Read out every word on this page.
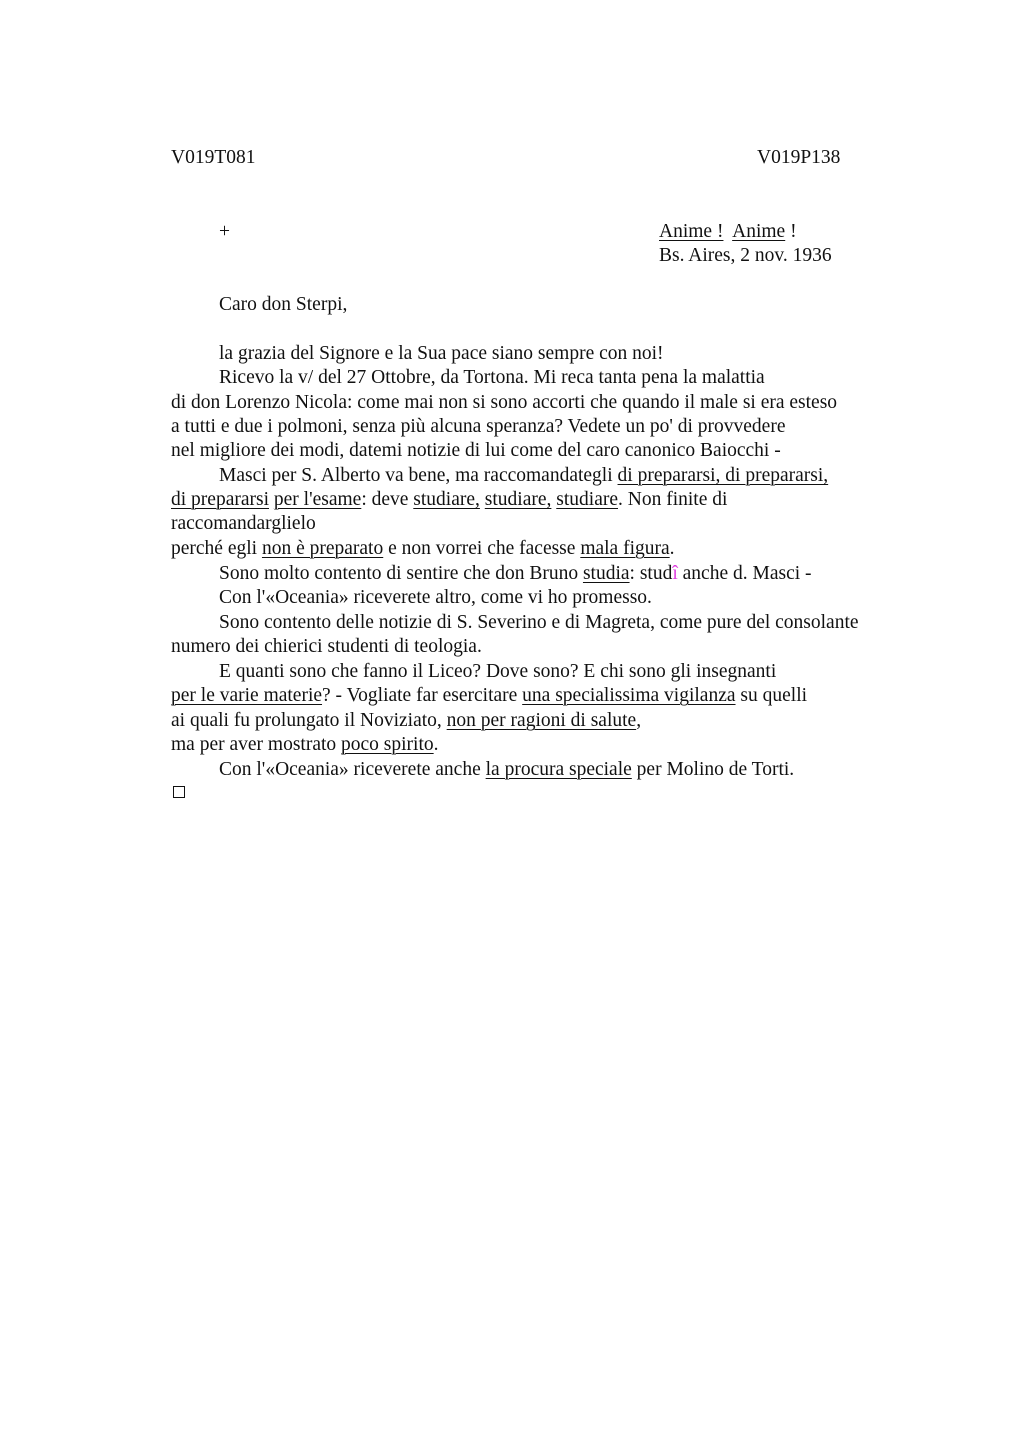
V019T081	V019P138
+	Anime ! Anime !
Bs. Aires, 2 nov. 1936
Caro don Sterpi,
la grazia del Signore e la Sua pace siano sempre con noi!
Ricevo la v/ del 27 Ottobre, da Tortona. Mi reca tanta pena la malattia
di don Lorenzo Nicola: come mai non si sono accorti che quando il male si era esteso
a tutti e due i polmoni, senza più alcuna speranza? Vedete un po' di provvedere
nel migliore dei modi, datemi notizie di lui come del caro canonico Baiocchi -
Masci per S. Alberto va bene, ma raccomandategli di prepararsi, di prepararsi,
di prepararsi per l'esame: deve studiare, studiare, studiare. Non finite di
raccomandarglielo
perché egli non è preparato e non vorrei che facesse mala figura.
Sono molto contento di sentire che don Bruno studia: studî anche d. Masci -
Con l'«Oceania» riceverete altro, come vi ho promesso.
Sono contento delle notizie di S. Severino e di Magreta, come pure del consolante
numero dei chierici studenti di teologia.
E quanti sono che fanno il Liceo? Dove sono? E chi sono gli insegnanti
per le varie materie? - Vogliate far esercitare una specialissima vigilanza su quelli
ai quali fu prolungato il Noviziato, non per ragioni di salute,
ma per aver mostrato poco spirito.
Con l'«Oceania» riceverete anche la procura speciale per Molino de Torti.
